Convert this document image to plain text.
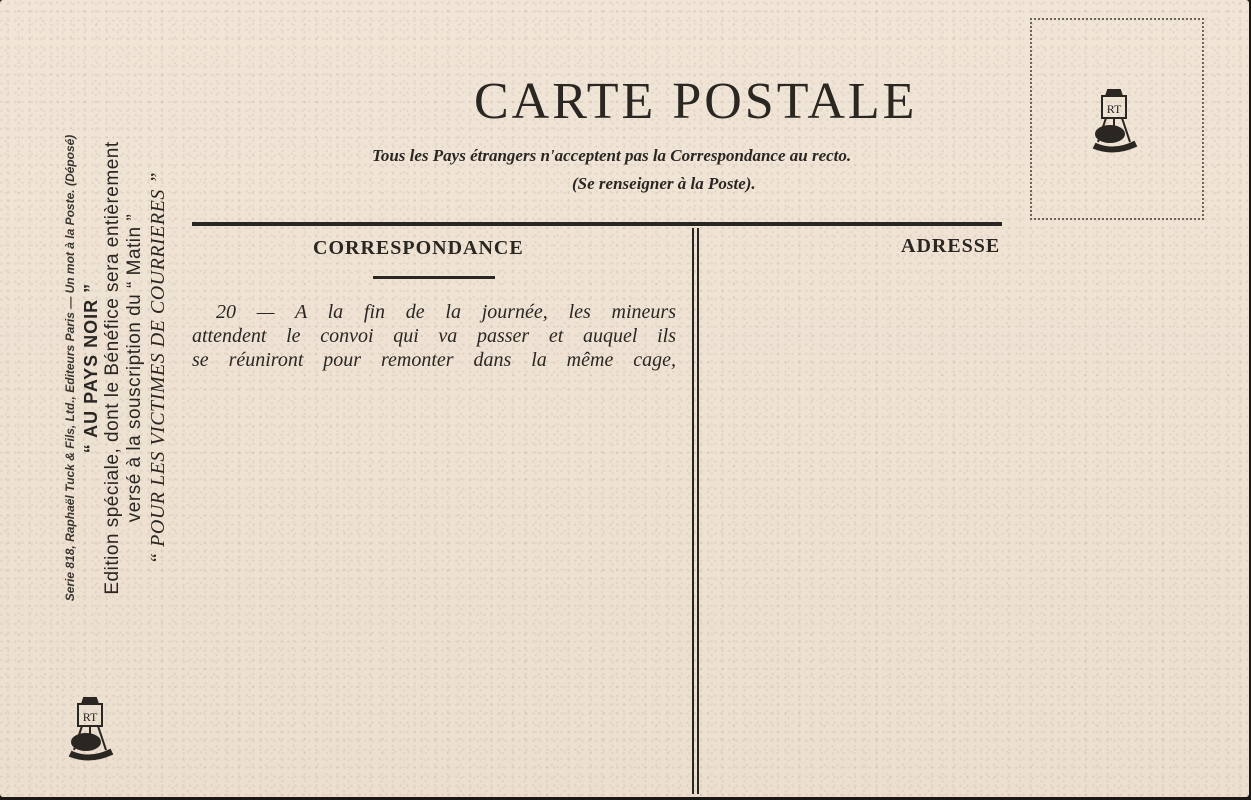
CARTE POSTALE
Tous les Pays étrangers n'acceptent pas la Correspondance au recto.
(Se renseigner à la Poste).
RT
CORRESPONDANCE	ADRESSE
20 — A la fin de la journée, les mineurs
attendent le convoi qui va passer et auquel ils
se réuniront pour remonter dans la même cage,
Serie 818, Raphaël Tuck & Fils, Ltd., Editeurs Paris — Un mot à la Poste. (Déposé) “ AU PAYS NOIR ” Edition spéciale, dont le Bénéfice sera entièrement versé à la souscription du “ Matin ” “ POUR LES VICTIMES DE COURRIERES ”
RT
